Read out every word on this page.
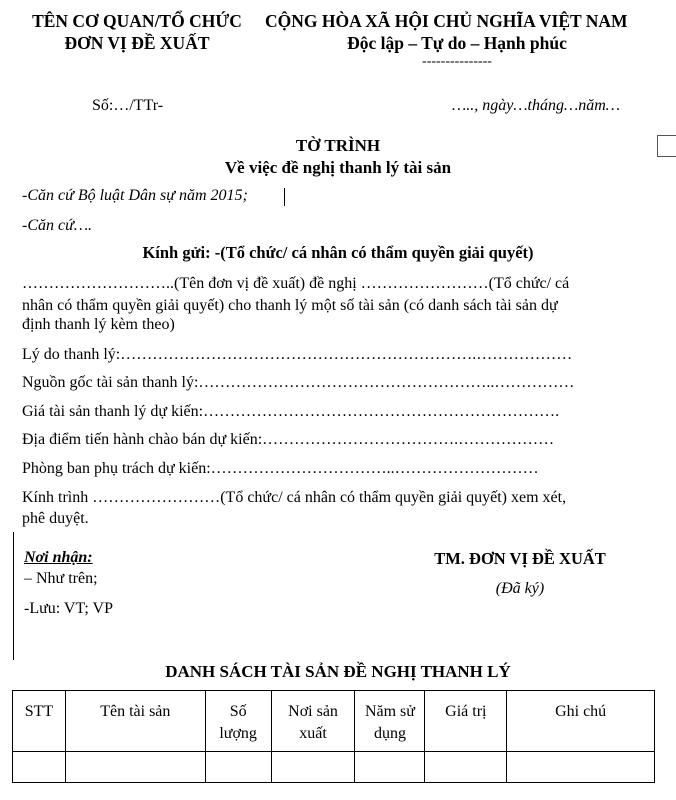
TÊN CƠ QUAN/TỔ CHỨC
ĐƠN VỊ ĐỀ XUẤT
CỘNG HÒA XÃ HỘI CHỦ NGHĨA VIỆT NAM
Độc lập – Tự do – Hạnh phúc
---------------
Số:…/TTr-	….., ngày…tháng…năm…
TỜ TRÌNH
Về việc đề nghị thanh lý tài sản
-Căn cứ Bộ luật Dân sự năm 2015;
-Căn cứ….
Kính gửi: -(Tổ chức/ cá nhân có thẩm quyền giải quyết)
………………………..(Tên đơn vị đề xuất) đề nghị ……………………(Tổ chức/ cá
nhân có thẩm quyền giải quyết) cho thanh lý một số tài sản (có danh sách tài sản dự
định thanh lý kèm theo)
Lý do thanh lý:………………………………………………………….………………
Nguồn gốc tài sản thanh lý:………………………………………………..……………
Giá tài sản thanh lý dự kiến:………………………………………………………….
Địa điểm tiến hành chào bán dự kiến:……………………………….………………
Phòng ban phụ trách dự kiến:……………………………..………………………
Kính trình ……………………(Tổ chức/ cá nhân có thẩm quyền giải quyết) xem xét,
phê duyệt.
Nơi nhận:
– Như trên;
-Lưu: VT; VP
TM. ĐƠN VỊ ĐỀ XUẤT
(Đã ký)
DANH SÁCH TÀI SẢN ĐỀ NGHỊ THANH LÝ
STT	Tên tài sản	Số lượng	Nơi sản xuất	Năm sử dụng	Giá trị	Ghi chú
